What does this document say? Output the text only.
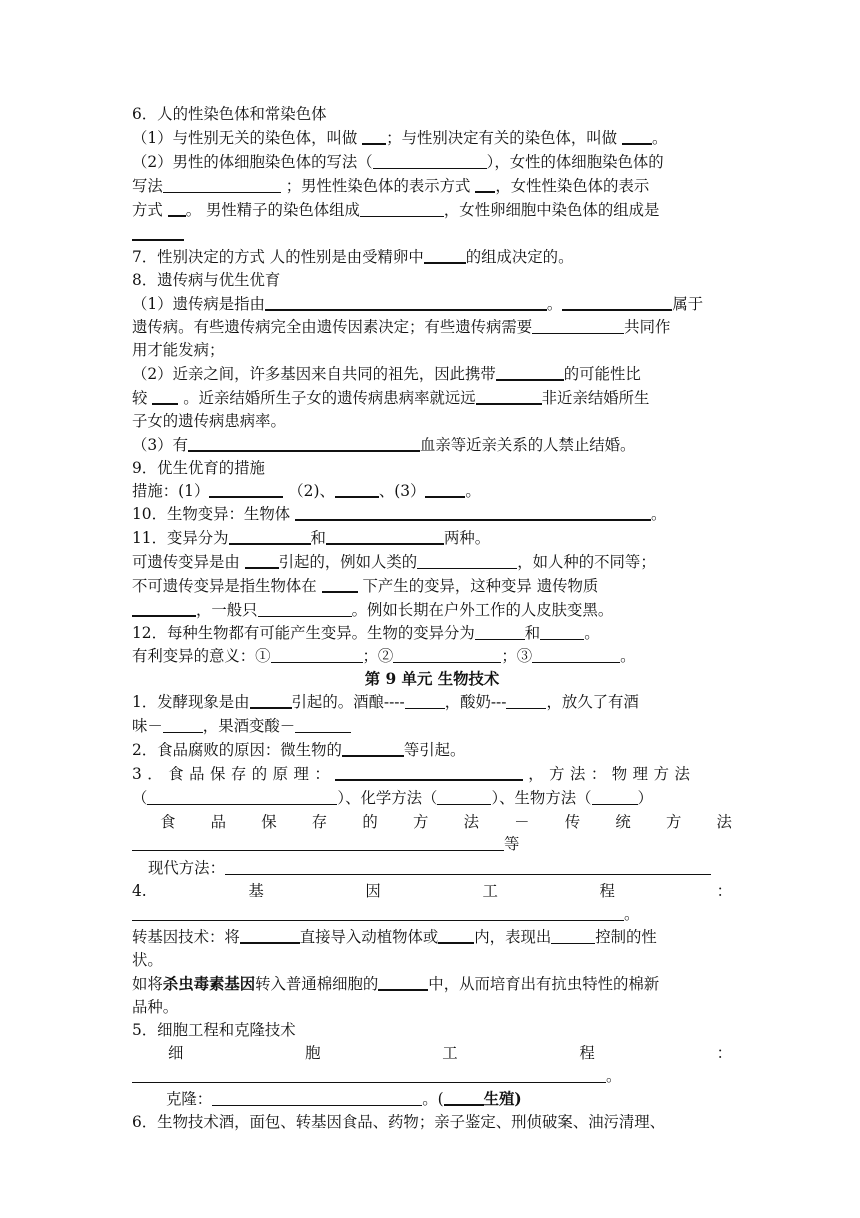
6．人的性染色体和常染色体
（1）与性别无关的染色体，叫做 ；与性别决定有关的染色体，叫做 。
（2）男性的体细胞染色体的写法（	），女性的体细胞染色体的
写法	；男性性染色体的表示方式 ，女性性染色体的表示
方式 。 男性精子的染色体组成	，女性卵细胞中染色体的组成是
7．性别决定的方式 人的性别是由受精卵中	的组成决定的。
8．遗传病与优生优育
（1）遗传病是指由	。	属于
遗传病。有些遗传病完全由遗传因素决定；有些遗传病需要	共同作
用才能发病；
（2）近亲之间，许多基因来自共同的祖先，因此携带	的可能性比
较 。近亲结婚所生子女的遗传病患病率就远远	非近亲结婚所生
子女的遗传病患病率。
（3）有	血亲等近亲关系的人禁止结婚。
9．优生优育的措施
措施：(1）	（2)、	、(3）	。
10．生物变异：生物体	。
11．变异分为	和	两种。
可遗传变异是由	引起的，例如人类的	，如人种的不同等；
不可遗传变异是指生物体在	下产生的变异，这种变异 遗传物质
，一般只	。例如长期在户外工作的人皮肤变黑。
12．每种生物都有可能产生变异。生物的变异分为	和	。
有利变异的意义：①	；②	；③	。
第 9 单元 生物技术
1．发酵现象是由	引起的。酒酿----	，酸奶---	，放久了有酒
味－	，果酒变酸－
2．食品腐败的原因：微生物的	等引起。
3．食品保存的原理：	，方法：物理方法
（	）、化学方法（	）、生物方法（	）
食 品 保 存 的 方 法 － 传 统 方 法
等
现代方法：
4.	基	因	工	程	：
。
转基因技术：将	直接导入动植物体或 内，表现出	控制的性
状。
如将杀虫毒素基因转入普通棉细胞的	中，从而培育出有抗虫特性的棉新
品种。
5．细胞工程和克隆技术
细	胞	工	程	：
。
克隆：	。(	生殖)
6．生物技术酒，面包、转基因食品、药物；亲子鉴定、刑侦破案、油污清理、
